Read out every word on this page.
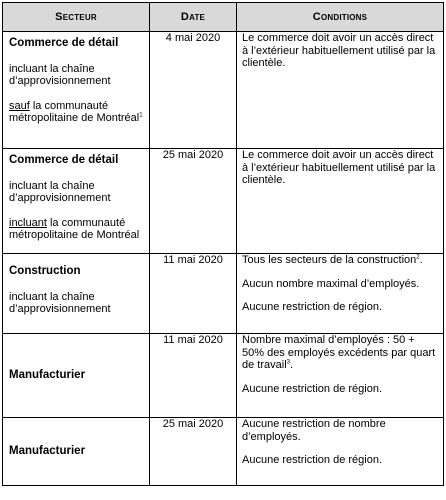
Secteur	Date	Conditions

Commerce de détail
incluant la chaîne d’approvisionnement
sauf la communauté métropolitaine de Montréal$^1$	4 mai 2020	Le commerce doit avoir un accès direct à l’extérieur habituellement utilisé par la clientèle.

Commerce de détail
incluant la chaîne d’approvisionnement
incluant la communauté métropolitaine de Montréal	25 mai 2020	Le commerce doit avoir un accès direct à l’extérieur habituellement utilisé par la clientèle.

Construction
incluant la chaîne d’approvisionnement	11 mai 2020	Tous les secteurs de la construction$^2$.
Aucun nombre maximal d’employés.
Aucune restriction de région.

Manufacturier	11 mai 2020	Nombre maximal d’employés : 50 + 50% des employés excédents par quart de travail$^3$.
Aucune restriction de région.

Manufacturier	25 mai 2020	Aucune restriction de nombre d’employés.
Aucune restriction de région.
